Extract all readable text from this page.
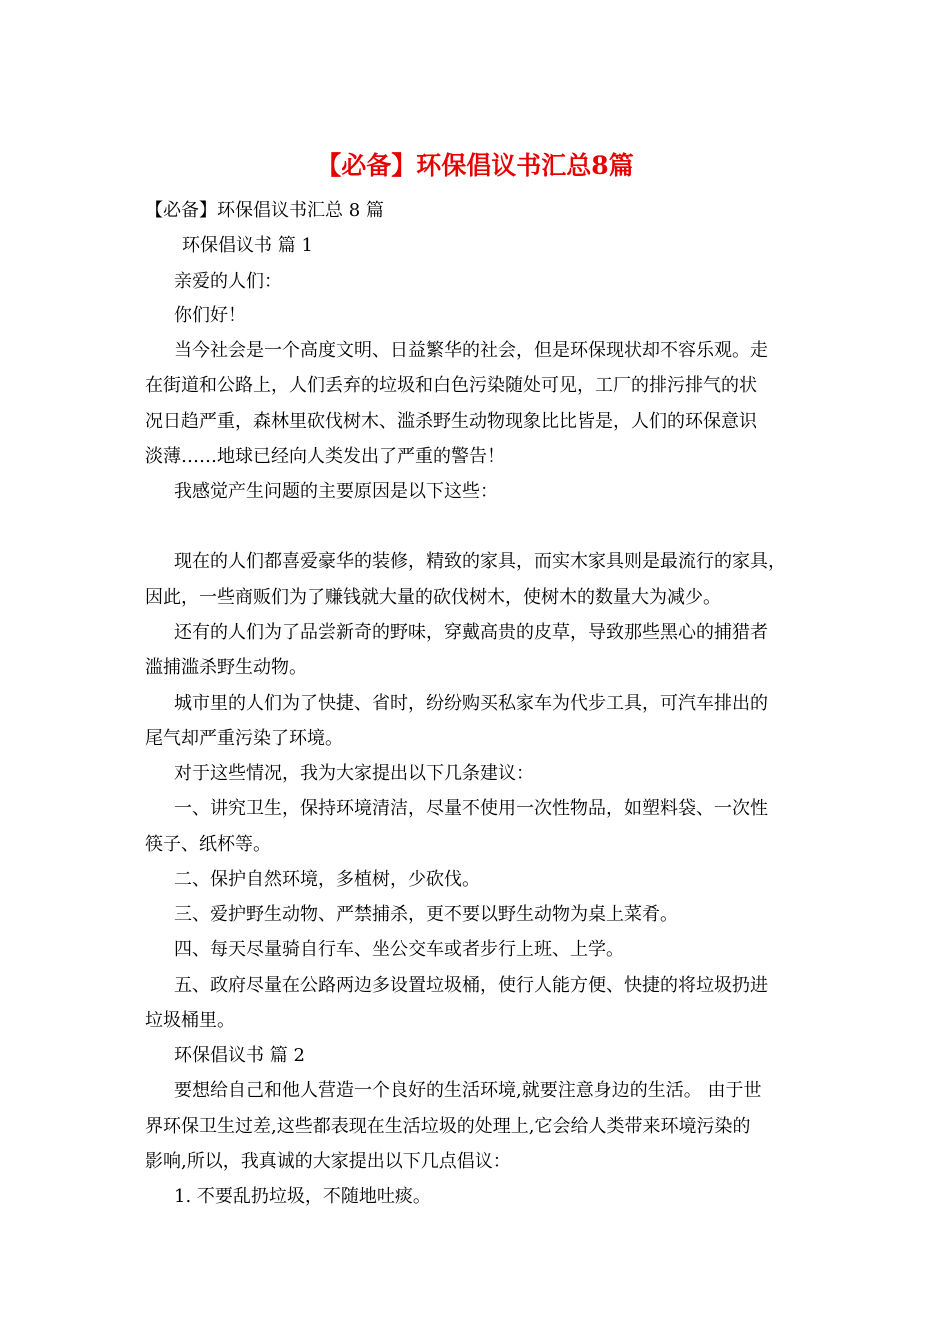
【必备】环保倡议书汇总8篇
【必备】环保倡议书汇总 8 篇
环保倡议书 篇 1
亲爱的人们：
你们好！
当今社会是一个高度文明、日益繁华的社会，但是环保现状却不容乐观。走
在街道和公路上，人们丢弃的垃圾和白色污染随处可见，工厂的排污排气的状
况日趋严重，森林里砍伐树木、滥杀野生动物现象比比皆是，人们的环保意识
淡薄……地球已经向人类发出了严重的警告！
我感觉产生问题的主要原因是以下这些：
现在的人们都喜爱豪华的装修，精致的家具，而实木家具则是最流行的家具，
因此，一些商贩们为了赚钱就大量的砍伐树木，使树木的数量大为减少。
还有的人们为了品尝新奇的野味，穿戴高贵的皮草，导致那些黑心的捕猎者
滥捕滥杀野生动物。
城市里的人们为了快捷、省时，纷纷购买私家车为代步工具，可汽车排出的
尾气却严重污染了环境。
对于这些情况，我为大家提出以下几条建议：
一、讲究卫生，保持环境清洁，尽量不使用一次性物品，如塑料袋、一次性
筷子、纸杯等。
二、保护自然环境，多植树，少砍伐。
三、爱护野生动物、严禁捕杀，更不要以野生动物为桌上菜肴。
四、每天尽量骑自行车、坐公交车或者步行上班、上学。
五、政府尽量在公路两边多设置垃圾桶，使行人能方便、快捷的将垃圾扔进
垃圾桶里。
环保倡议书 篇 2
要想给自己和他人营造一个良好的生活环境,就要注意身边的生活。 由于世
界环保卫生过差,这些都表现在生活垃圾的处理上,它会给人类带来环境污染的
影响,所以，我真诚的大家提出以下几点倡议：
1. 不要乱扔垃圾，不随地吐痰。
